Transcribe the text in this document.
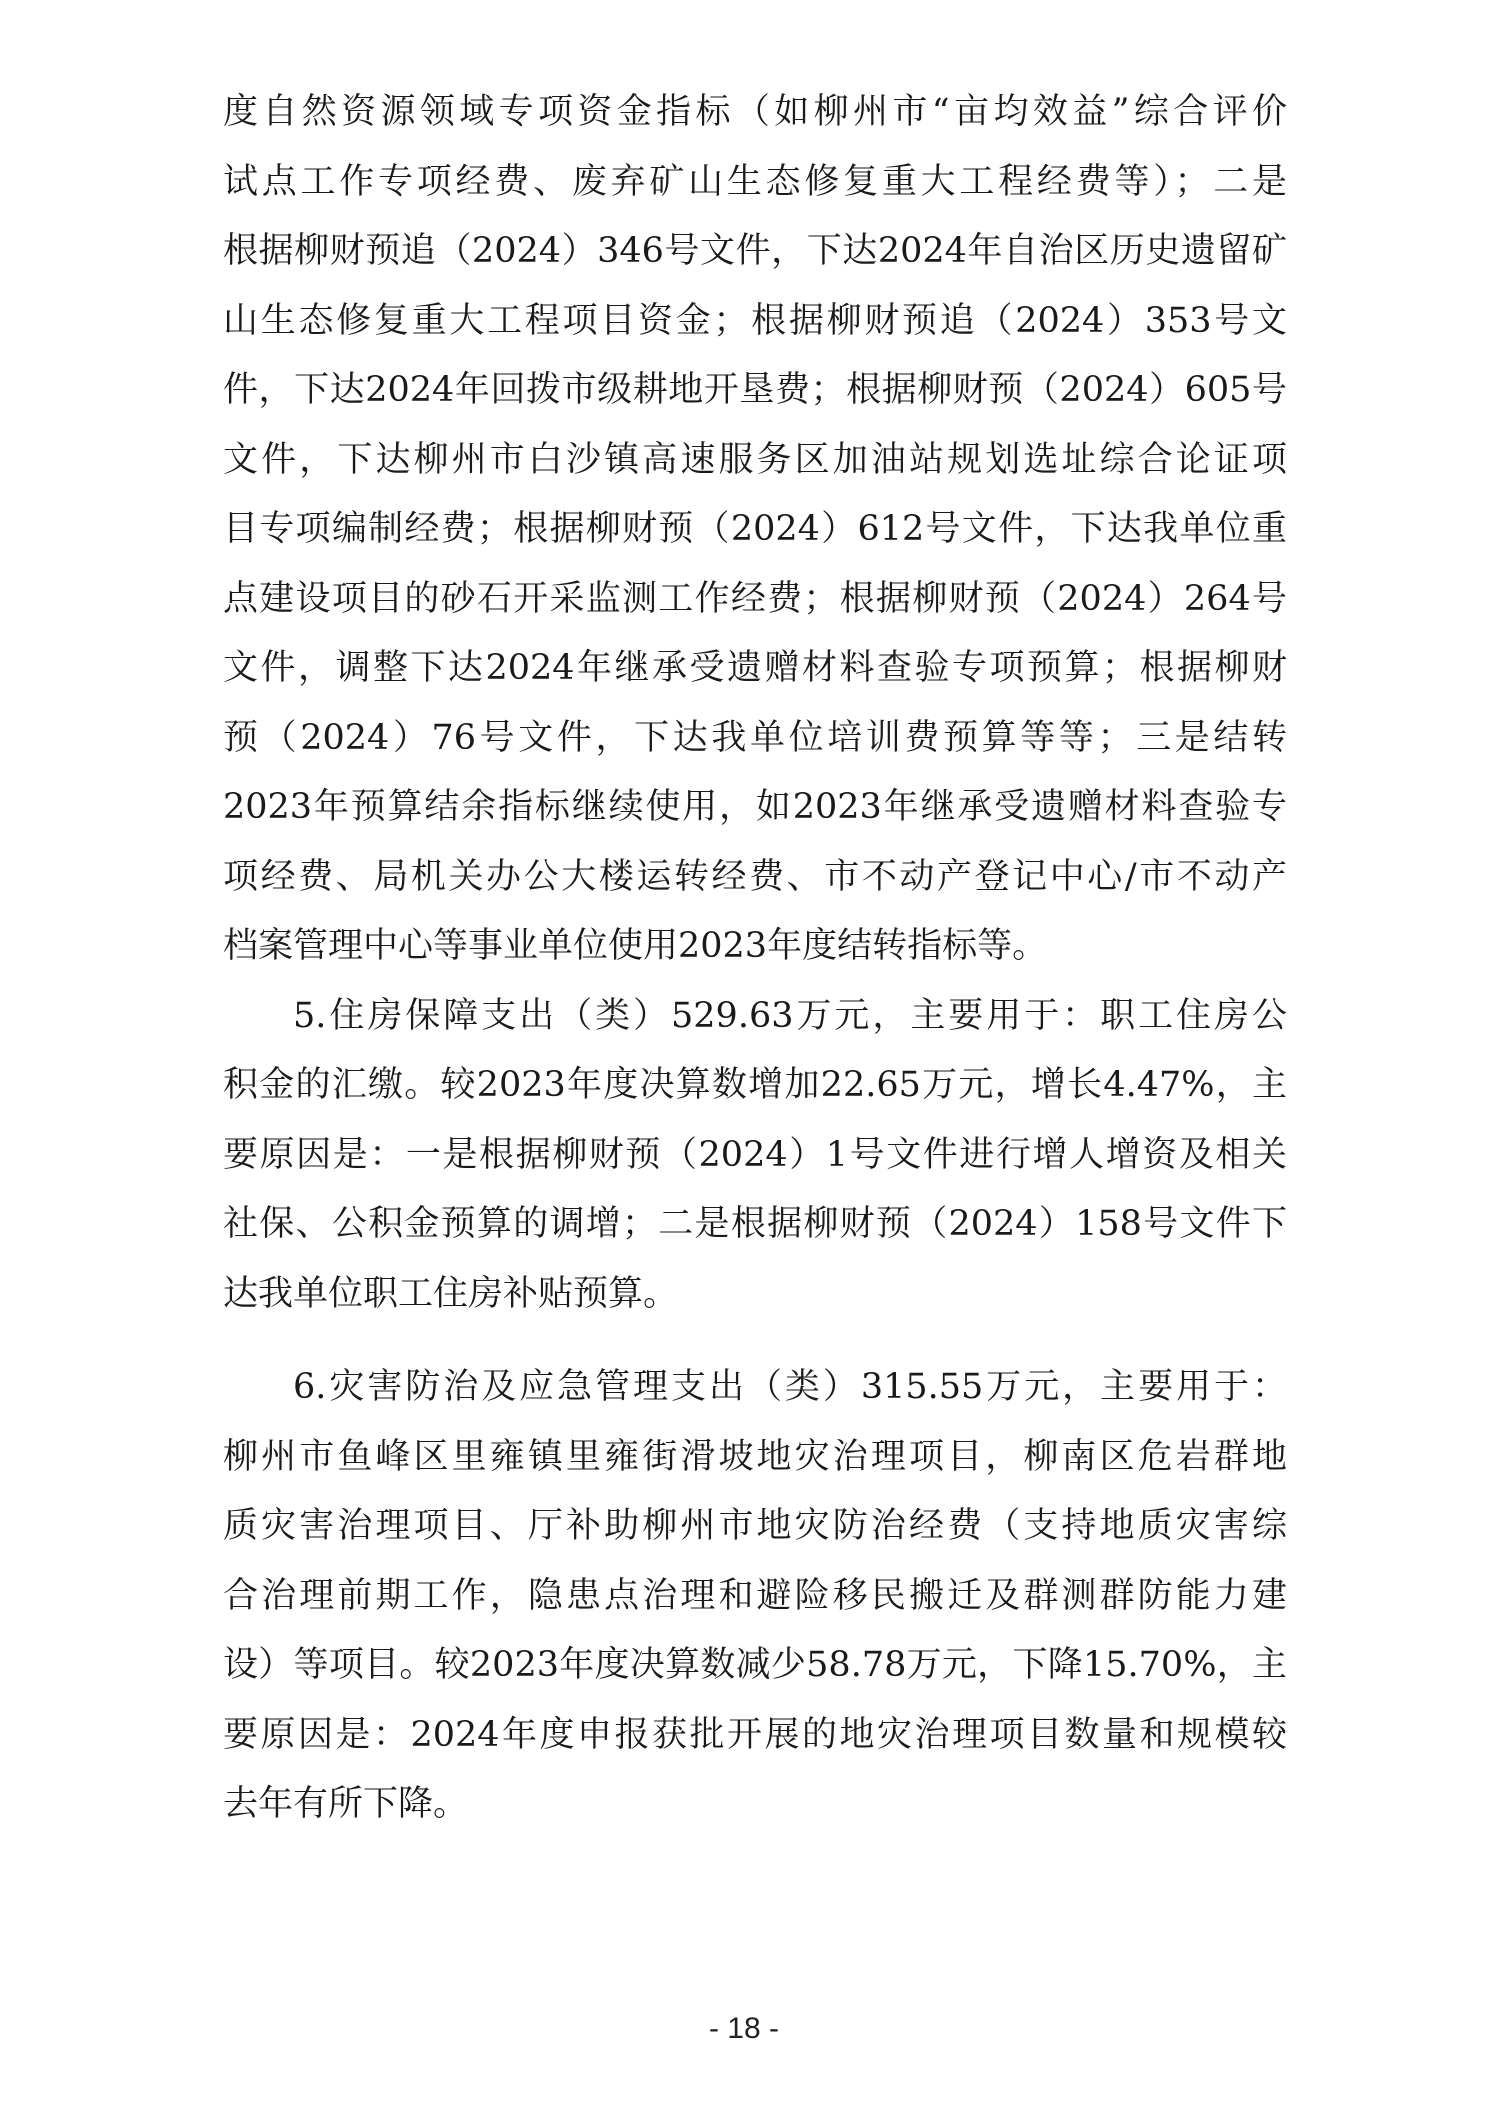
度自然资源领域专项资金指标（如柳州市“亩均效益”综合评价
试点工作专项经费、废弃矿山生态修复重大工程经费等）；二是
根据柳财预追（2024）346号文件，下达2024年自治区历史遗留矿
山生态修复重大工程项目资金；根据柳财预追（2024）353号文
件，下达2024年回拨市级耕地开垦费；根据柳财预（2024）605号
文件，下达柳州市白沙镇高速服务区加油站规划选址综合论证项
目专项编制经费；根据柳财预（2024）612号文件，下达我单位重
点建设项目的砂石开采监测工作经费；根据柳财预（2024）264号
文件，调整下达2024年继承受遗赠材料查验专项预算；根据柳财
预（2024）76号文件，下达我单位培训费预算等等；三是结转
2023年预算结余指标继续使用，如2023年继承受遗赠材料查验专
项经费、局机关办公大楼运转经费、市不动产登记中心/市不动产
档案管理中心等事业单位使用2023年度结转指标等。
5.住房保障支出（类）529.63万元，主要用于：职工住房公
积金的汇缴。较2023年度决算数增加22.65万元，增长4.47%，主
要原因是：一是根据柳财预（2024）1号文件进行增人增资及相关
社保、公积金预算的调增；二是根据柳财预（2024）158号文件下
达我单位职工住房补贴预算。
6.灾害防治及应急管理支出（类）315.55万元，主要用于：
柳州市鱼峰区里雍镇里雍街滑坡地灾治理项目，柳南区危岩群地
质灾害治理项目、厅补助柳州市地灾防治经费（支持地质灾害综
合治理前期工作，隐患点治理和避险移民搬迁及群测群防能力建
设）等项目。较2023年度决算数减少58.78万元，下降15.70%，主
要原因是：2024年度申报获批开展的地灾治理项目数量和规模较
去年有所下降。
- 18 -
